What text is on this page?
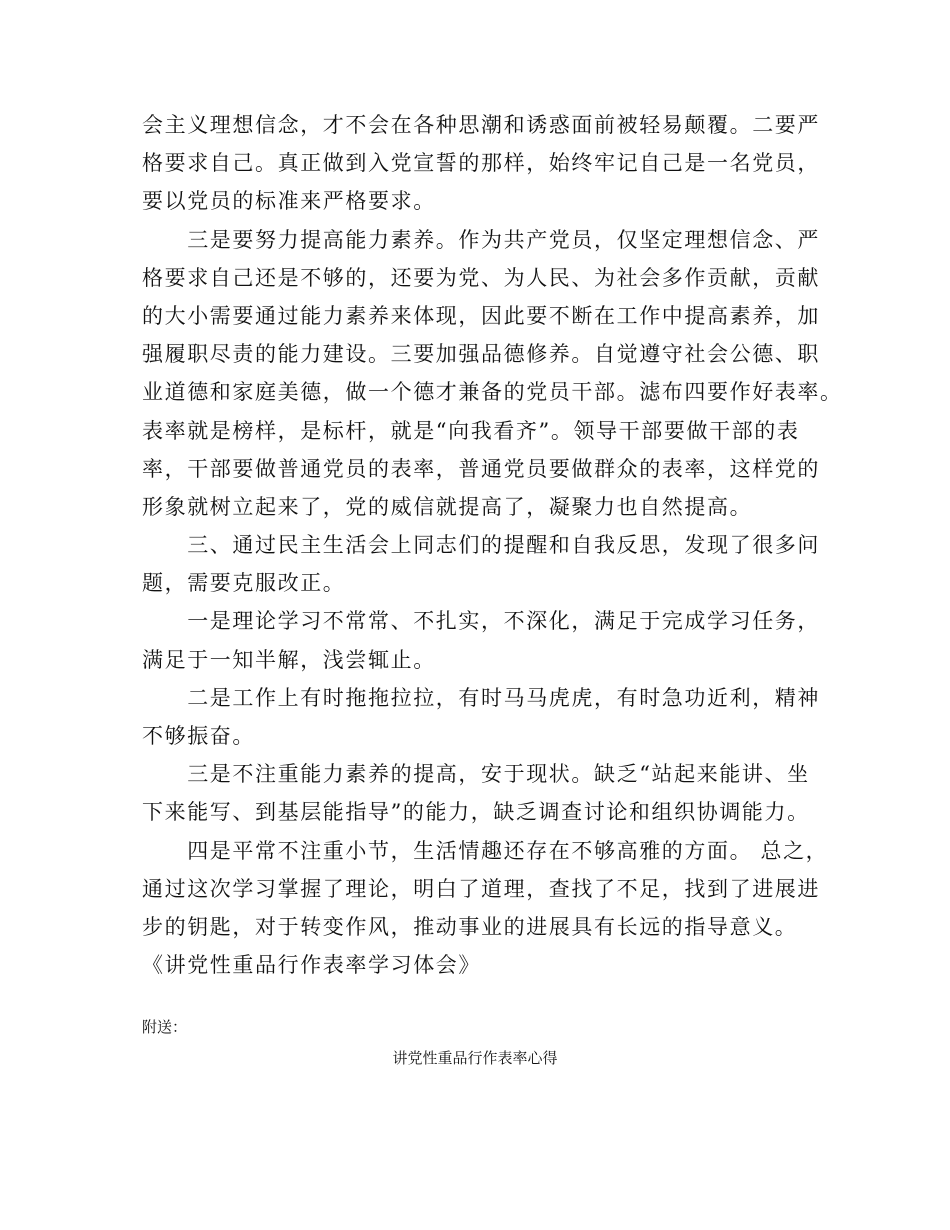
会主义理想信念，才不会在各种思潮和诱惑面前被轻易颠覆。二要严
格要求自己。真正做到入党宣誓的那样，始终牢记自己是一名党员，
要以党员的标准来严格要求。
　　三是要努力提高能力素养。作为共产党员，仅坚定理想信念、严
格要求自己还是不够的，还要为党、为人民、为社会多作贡献，贡献
的大小需要通过能力素养来体现，因此要不断在工作中提高素养，加
强履职尽责的能力建设。三要加强品德修养。自觉遵守社会公德、职
业道德和家庭美德，做一个德才兼备的党员干部。滤布四要作好表率。
表率就是榜样，是标杆，就是“向我看齐”。领导干部要做干部的表
率，干部要做普通党员的表率，普通党员要做群众的表率，这样党的
形象就树立起来了，党的威信就提高了，凝聚力也自然提高。
　　三、通过民主生活会上同志们的提醒和自我反思，发现了很多问
题，需要克服改正。
　　一是理论学习不常常、不扎实，不深化，满足于完成学习任务，
满足于一知半解，浅尝辄止。
　　二是工作上有时拖拖拉拉，有时马马虎虎，有时急功近利，精神
不够振奋。
　　三是不注重能力素养的提高，安于现状。缺乏“站起来能讲、坐
下来能写、到基层能指导”的能力，缺乏调查讨论和组织协调能力。
　　四是平常不注重小节，生活情趣还存在不够高雅的方面。 总之，
通过这次学习掌握了理论，明白了道理，查找了不足，找到了进展进
步的钥匙，对于转变作风，推动事业的进展具有长远的指导意义。
《讲党性重品行作表率学习体会》
附送：
讲党性重品行作表率心得
